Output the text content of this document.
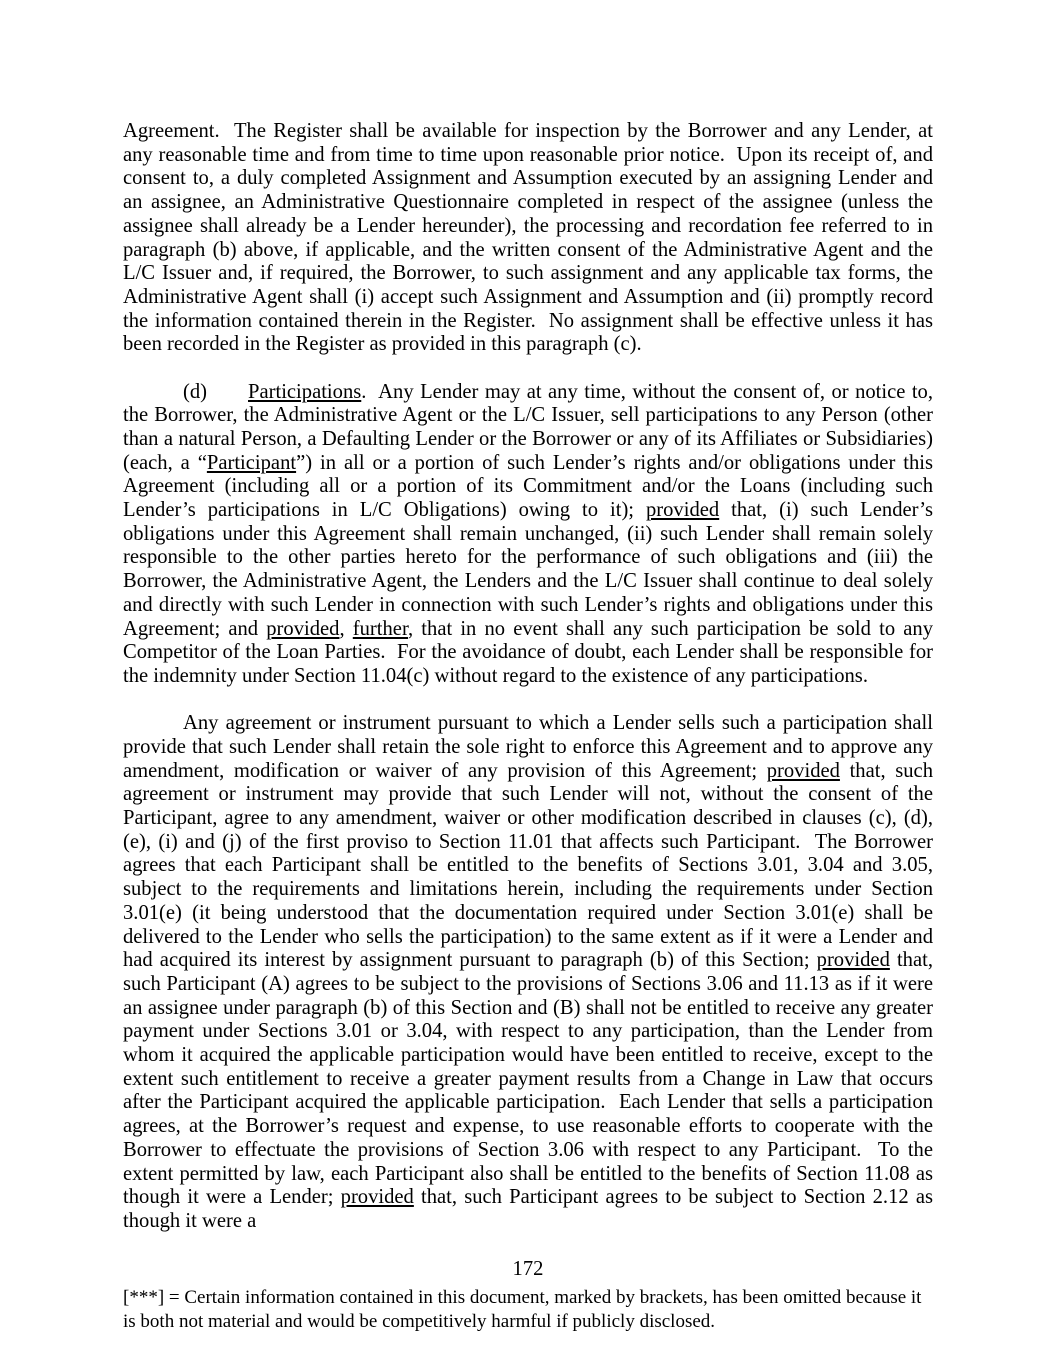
Agreement.  The Register shall be available for inspection by the Borrower and any Lender, at any reasonable time and from time to time upon reasonable prior notice.  Upon its receipt of, and consent to, a duly completed Assignment and Assumption executed by an assigning Lender and an assignee, an Administrative Questionnaire completed in respect of the assignee (unless the assignee shall already be a Lender hereunder), the processing and recordation fee referred to in paragraph (b) above, if applicable, and the written consent of the Administrative Agent and the L/C Issuer and, if required, the Borrower, to such assignment and any applicable tax forms, the Administrative Agent shall (i) accept such Assignment and Assumption and (ii) promptly record the information contained therein in the Register.  No assignment shall be effective unless it has been recorded in the Register as provided in this paragraph (c).

(d) Participations.  Any Lender may at any time, without the consent of, or notice to, the Borrower, the Administrative Agent or the L/C Issuer, sell participations to any Person (other than a natural Person, a Defaulting Lender or the Borrower or any of its Affiliates or Subsidiaries) (each, a “Participant”) in all or a portion of such Lender’s rights and/or obligations under this Agreement (including all or a portion of its Commitment and/or the Loans (including such Lender’s participations in L/C Obligations) owing to it); provided that, (i) such Lender’s obligations under this Agreement shall remain unchanged, (ii) such Lender shall remain solely responsible to the other parties hereto for the performance of such obligations and (iii) the Borrower, the Administrative Agent, the Lenders and the L/C Issuer shall continue to deal solely and directly with such Lender in connection with such Lender’s rights and obligations under this Agreement; and provided, further, that in no event shall any such participation be sold to any Competitor of the Loan Parties.  For the avoidance of doubt, each Lender shall be responsible for the indemnity under Section 11.04(c) without regard to the existence of any participations.

Any agreement or instrument pursuant to which a Lender sells such a participation shall provide that such Lender shall retain the sole right to enforce this Agreement and to approve any amendment, modification or waiver of any provision of this Agreement; provided that, such agreement or instrument may provide that such Lender will not, without the consent of the Participant, agree to any amendment, waiver or other modification described in clauses (c), (d), (e), (i) and (j) of the first proviso to Section 11.01 that affects such Participant.  The Borrower agrees that each Participant shall be entitled to the benefits of Sections 3.01, 3.04 and 3.05, subject to the requirements and limitations herein, including the requirements under Section 3.01(e) (it being understood that the documentation required under Section 3.01(e) shall be delivered to the Lender who sells the participation) to the same extent as if it were a Lender and had acquired its interest by assignment pursuant to paragraph (b) of this Section; provided that, such Participant (A) agrees to be subject to the provisions of Sections 3.06 and 11.13 as if it were an assignee under paragraph (b) of this Section and (B) shall not be entitled to receive any greater payment under Sections 3.01 or 3.04, with respect to any participation, than the Lender from whom it acquired the applicable participation would have been entitled to receive, except to the extent such entitlement to receive a greater payment results from a Change in Law that occurs after the Participant acquired the applicable participation.  Each Lender that sells a participation agrees, at the Borrower’s request and expense, to use reasonable efforts to cooperate with the Borrower to effectuate the provisions of Section 3.06 with respect to any Participant.  To the extent permitted by law, each Participant also shall be entitled to the benefits of Section 11.08 as though it were a Lender; provided that, such Participant agrees to be subject to Section 2.12 as though it were a

172
[***] = Certain information contained in this document, marked by brackets, has been omitted because it is both not material and would be competitively harmful if publicly disclosed.
